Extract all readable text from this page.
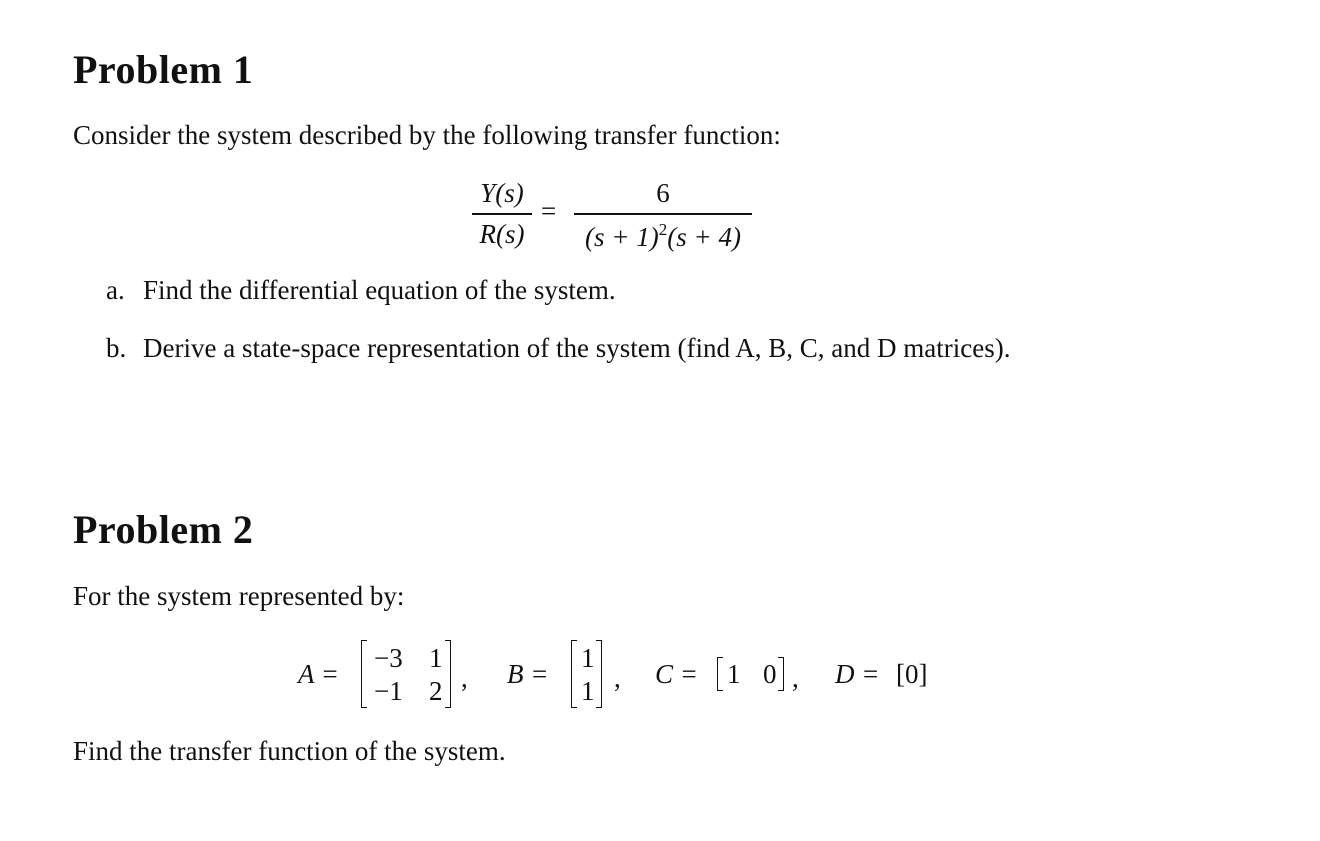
Problem 1

Consider the system described by the following transfer function:

Y(s)
R(s)
=
6
$(s + 1)^2(s + 4)$
a. Find the differential equation of the system.
b. Derive a state-space representation of the system (find A, B, C, and D matrices).
Problem 2

For the system represented by:

A =
−3 1
−1 2 , B =
1
1 , C = 1 0 , D = [0]

Find the transfer function of the system.
